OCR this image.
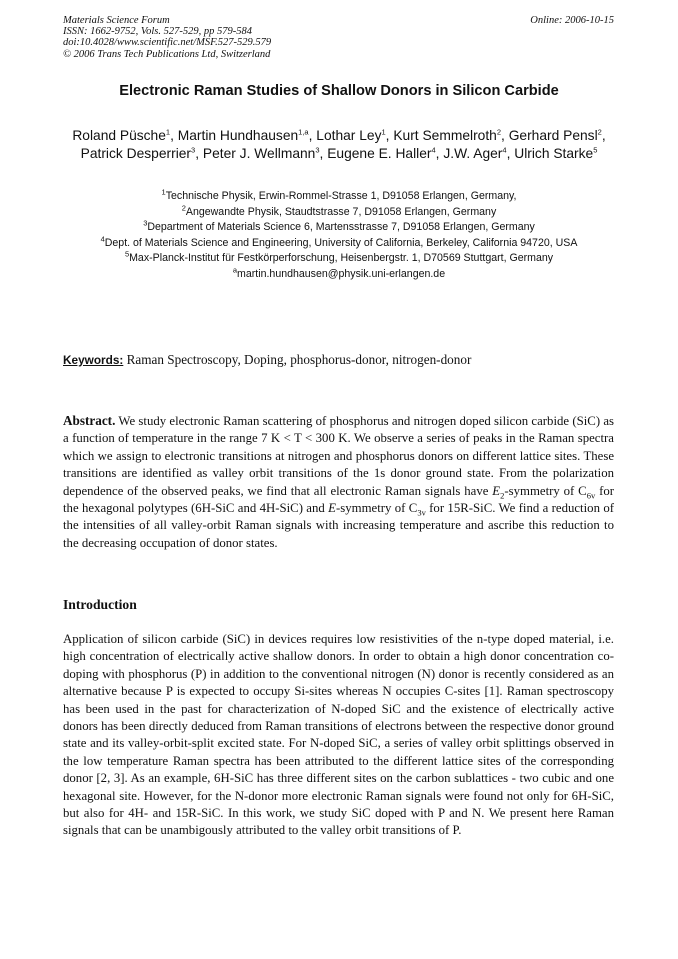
Materials Science Forum
ISSN: 1662-9752, Vols. 527-529, pp 579-584
doi:10.4028/www.scientific.net/MSF.527-529.579
© 2006 Trans Tech Publications Ltd, Switzerland
Online: 2006-10-15
Electronic Raman Studies of Shallow Donors in Silicon Carbide
Roland Püsche$^1$, Martin Hundhausen$^{1,a}$, Lothar Ley$^1$, Kurt Semmelroth$^2$, Gerhard Pensl$^2$, Patrick Desperrier$^3$, Peter J. Wellmann$^3$, Eugene E. Haller$^4$, J.W. Ager$^4$, Ulrich Starke$^5$
$^1$Technische Physik, Erwin-Rommel-Strasse 1, D91058 Erlangen, Germany,
$^2$Angewandte Physik, Staudtstrasse 7, D91058 Erlangen, Germany
$^3$Department of Materials Science 6, Martensstrasse 7, D91058 Erlangen, Germany
$^4$Dept. of Materials Science and Engineering, University of California, Berkeley, California 94720, USA
$^5$Max-Planck-Institut für Festkörperforschung, Heisenbergstr. 1, D70569 Stuttgart, Germany
$^a$martin.hundhausen@physik.uni-erlangen.de
Keywords: Raman Spectroscopy, Doping, phosphorus-donor, nitrogen-donor
Abstract. We study electronic Raman scattering of phosphorus and nitrogen doped silicon carbide (SiC) as a function of temperature in the range 7 K < T < 300 K. We observe a series of peaks in the Raman spectra which we assign to electronic transitions at nitrogen and phosphorus donors on different lattice sites. These transitions are identified as valley orbit transitions of the 1s donor ground state. From the polarization dependence of the observed peaks, we find that all electronic Raman signals have $E_2$-symmetry of $C_{6v}$ for the hexagonal polytypes (6H-SiC and 4H-SiC) and E-symmetry of $C_{3v}$ for 15R-SiC. We find a reduction of the intensities of all valley-orbit Raman signals with increasing temperature and ascribe this reduction to the decreasing occupation of donor states.
Introduction
Application of silicon carbide (SiC) in devices requires low resistivities of the n-type doped material, i.e. high concentration of electrically active shallow donors. In order to obtain a high donor concentration co-doping with phosphorus (P) in addition to the conventional nitrogen (N) donor is recently considered as an alternative because P is expected to occupy Si-sites whereas N occupies C-sites [1]. Raman spectroscopy has been used in the past for characterization of N-doped SiC and the existence of electrically active donors has been directly deduced from Raman transitions of electrons between the respective donor ground state and its valley-orbit-split excited state. For N-doped SiC, a series of valley orbit splittings observed in the low temperature Raman spectra has been attributed to the different lattice sites of the corresponding donor [2, 3]. As an example, 6H-SiC has three different sites on the carbon sublattices - two cubic and one hexagonal site. However, for the N-donor more electronic Raman signals were found not only for 6H-SiC, but also for 4H- and 15R-SiC. In this work, we study SiC doped with P and N. We present here Raman signals that can be unambigously attributed to the valley orbit transitions of P.
